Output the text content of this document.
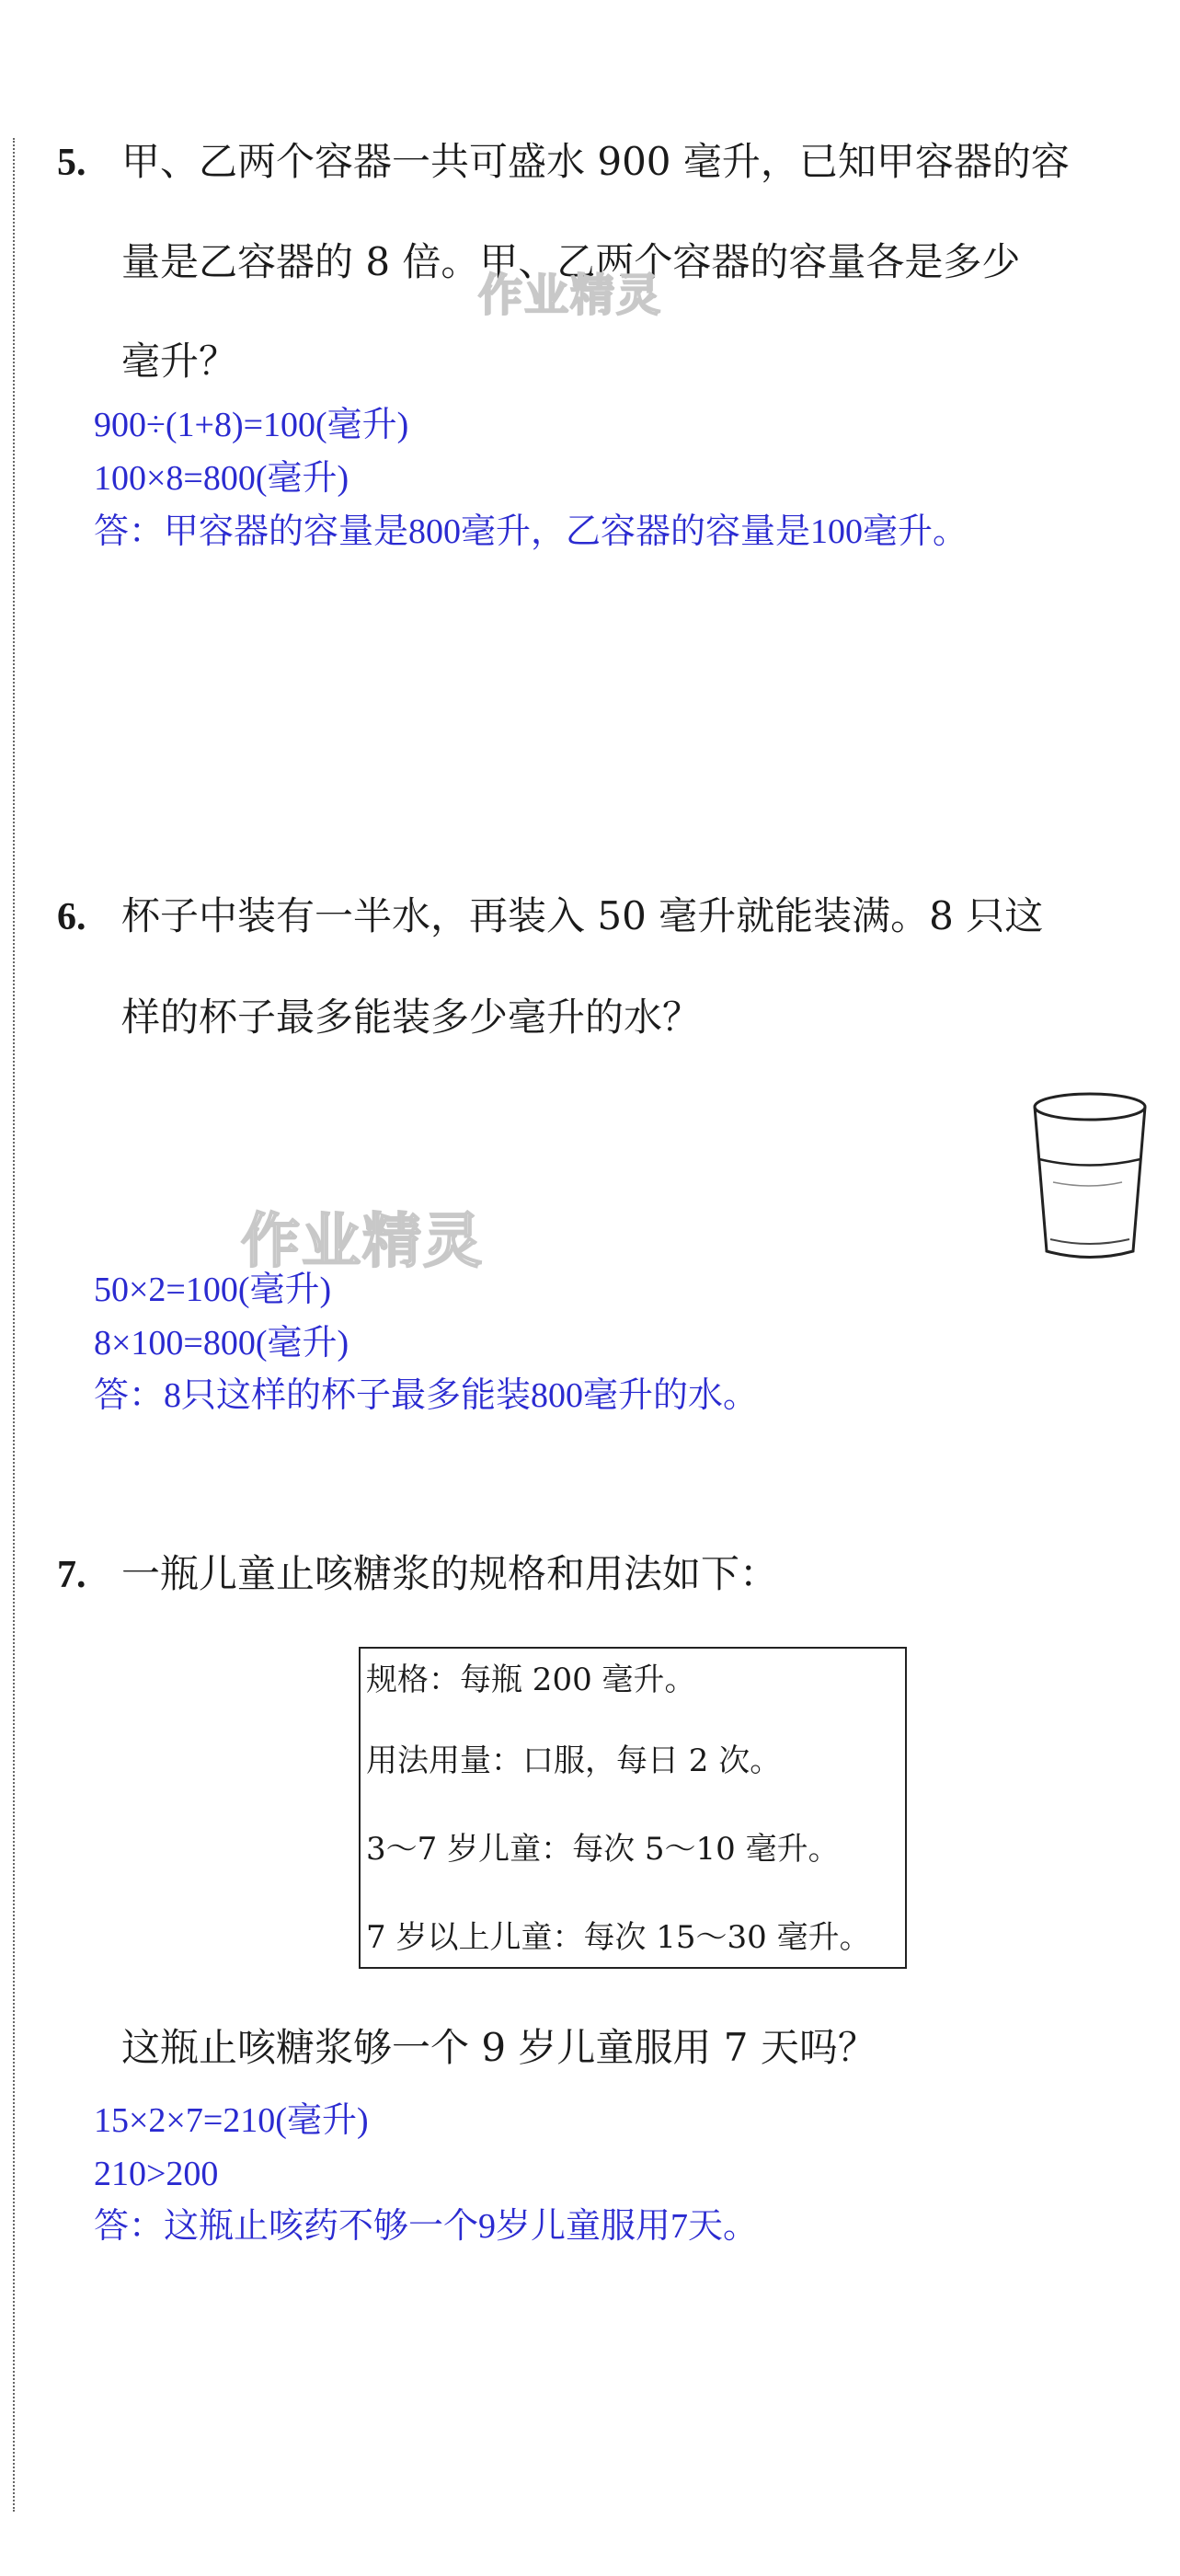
5. 甲、乙两个容器一共可盛水 900 毫升，已知甲容器的容
量是乙容器的 8 倍。甲、乙两个容器的容量各是多少
毫升？
作业精灵
900÷(1+8)=100(毫升)
100×8=800(毫升)
答：甲容器的容量是800毫升，乙容器的容量是100毫升。
6. 杯子中装有一半水，再装入 50 毫升就能装满。8 只这
样的杯子最多能装多少毫升的水？
作业精灵
50×2=100(毫升)
8×100=800(毫升)
答：8只这样的杯子最多能装800毫升的水。
7. 一瓶儿童止咳糖浆的规格和用法如下：
规格：每瓶 200 毫升。
用法用量：口服，每日 2 次。
3～7 岁儿童：每次 5～10 毫升。
7 岁以上儿童：每次 15～30 毫升。
这瓶止咳糖浆够一个 9 岁儿童服用 7 天吗？
15×2×7=210(毫升)
210>200
答：这瓶止咳药不够一个9岁儿童服用7天。
